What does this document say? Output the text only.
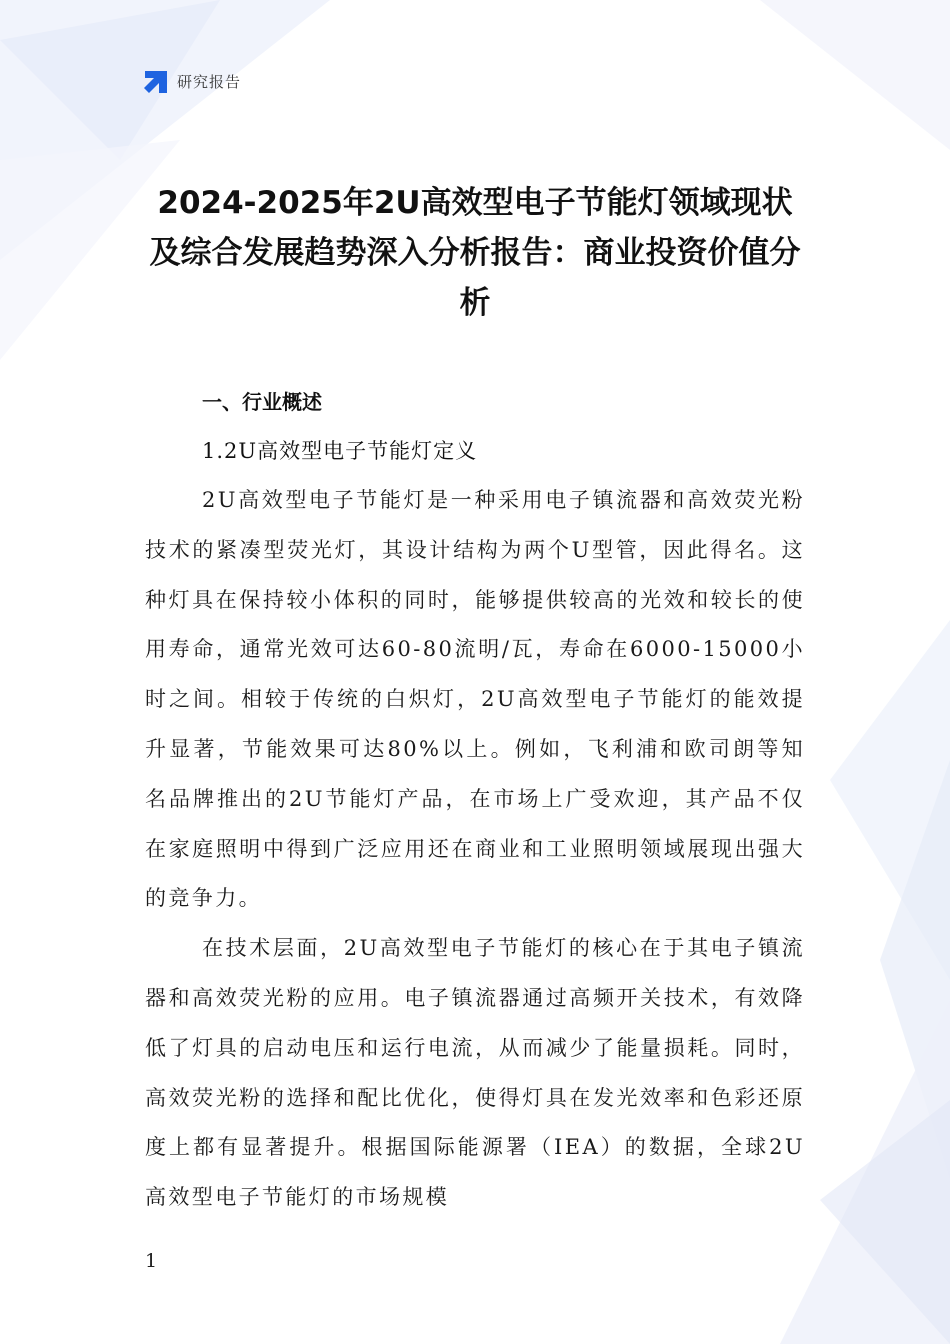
研究报告
2024-2025年2U高效型电子节能灯领域现状及综合发展趋势深入分析报告：商业投资价值分析

一、行业概述

1.2U高效型电子节能灯定义

2U高效型电子节能灯是一种采用电子镇流器和高效荧光粉技术的紧凑型荧光灯，其设计结构为两个U型管，因此得名。这种灯具在保持较小体积的同时，能够提供较高的光效和较长的使用寿命，通常光效可达60-80流明/瓦，寿命在6000-15000小时之间。相较于传统的白炽灯，2U高效型电子节能灯的能效提升显著，节能效果可达80%以上。例如，飞利浦和欧司朗等知名品牌推出的2U节能灯产品，在市场上广受欢迎，其产品不仅在家庭照明中得到广泛应用还在商业和工业照明领域展现出强大的竞争力。

在技术层面，2U高效型电子节能灯的核心在于其电子镇流器和高效荧光粉的应用。电子镇流器通过高频开关技术，有效降低了灯具的启动电压和运行电流，从而减少了能量损耗。同时，高效荧光粉的选择和配比优化，使得灯具在发光效率和色彩还原度上都有显著提升。根据国际能源署（IEA）的数据，全球2U高效型电子节能灯的市场规模

1
